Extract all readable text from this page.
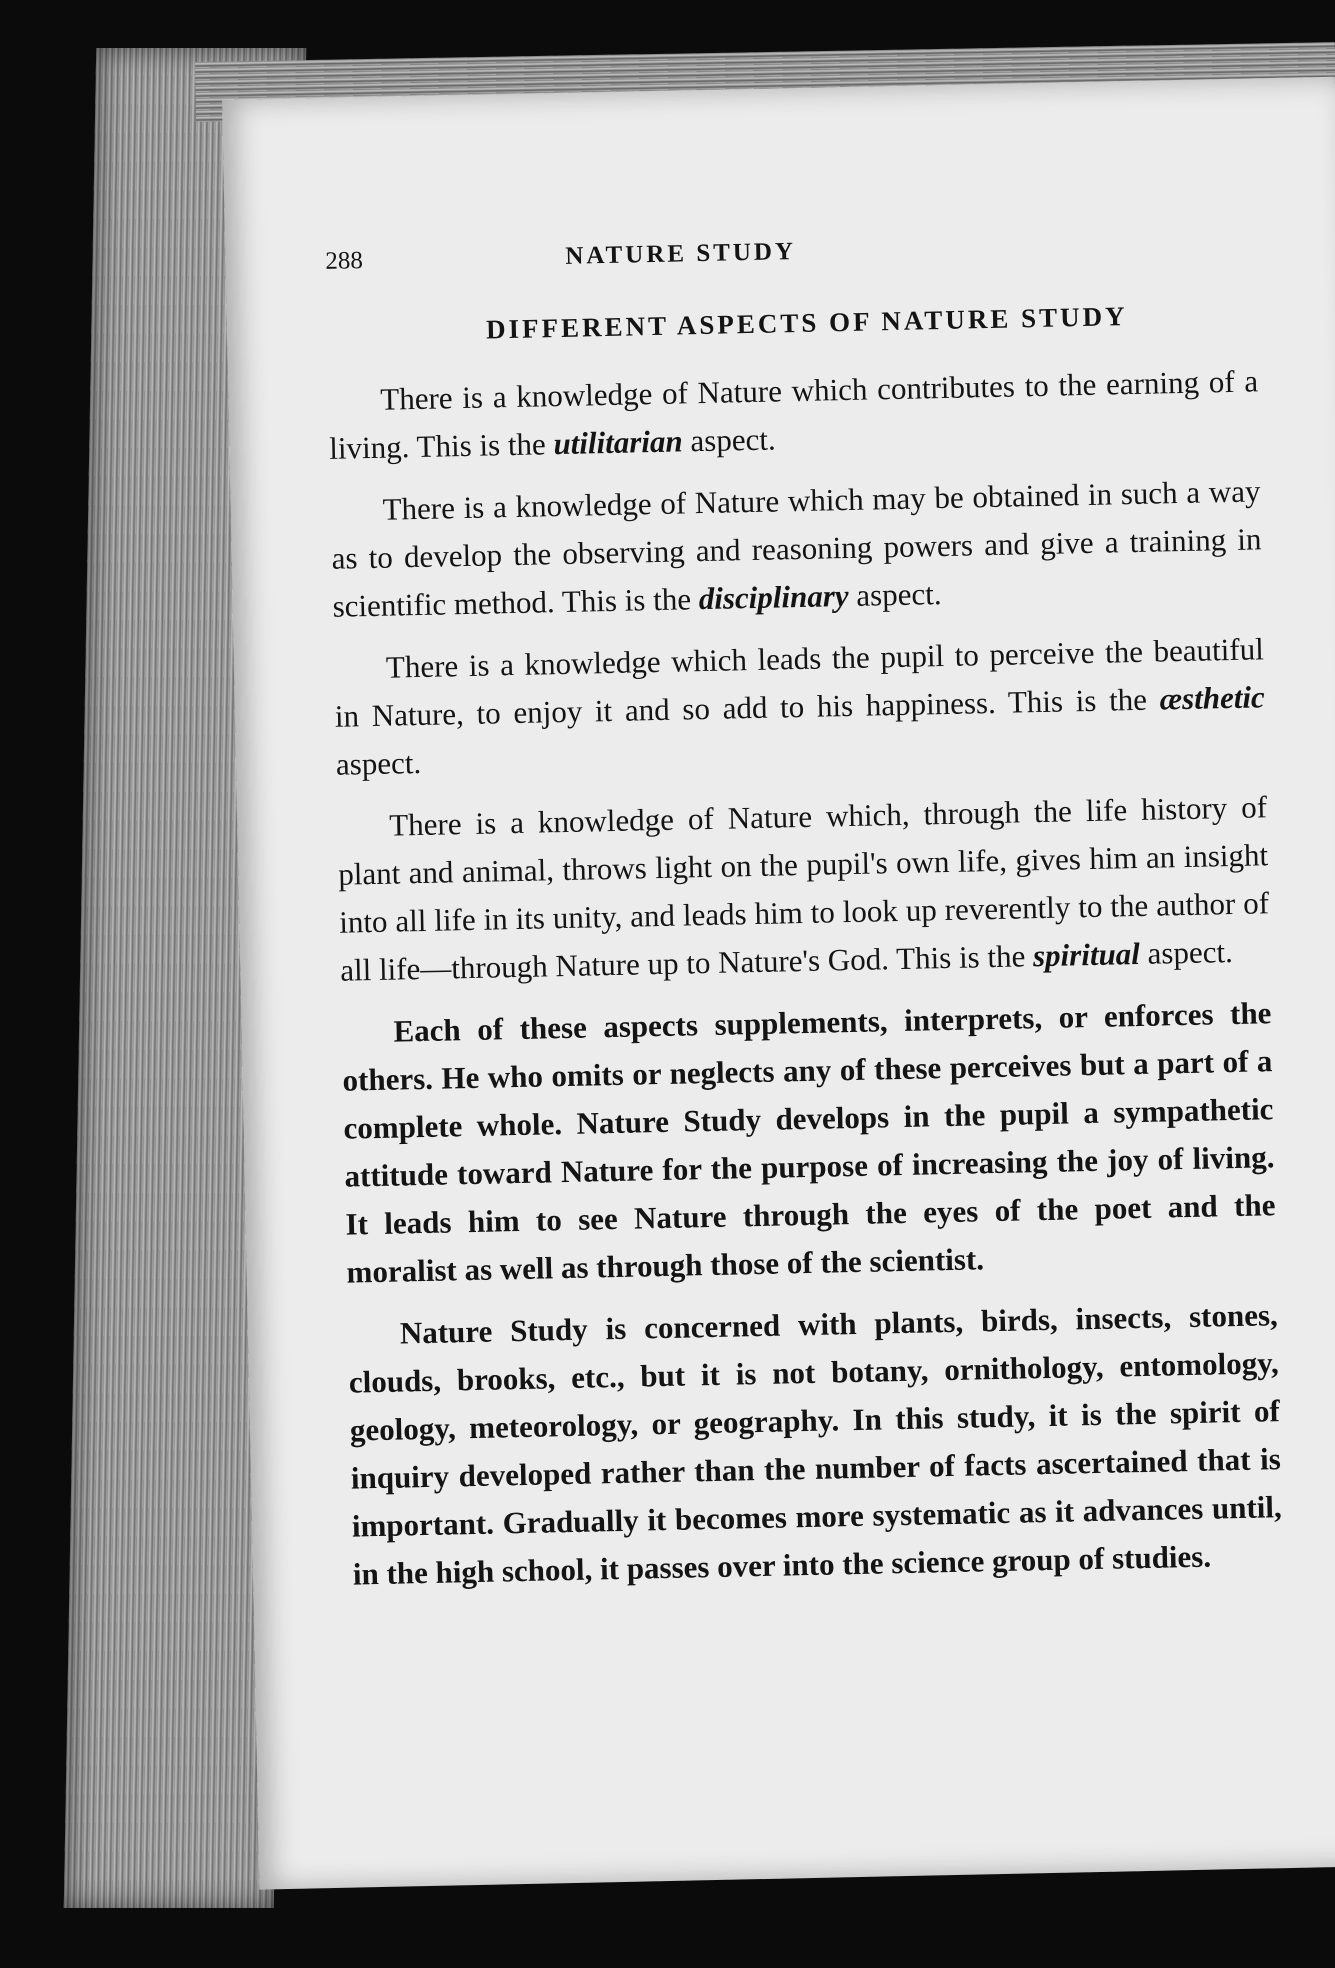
288	NATURE STUDY
DIFFERENT ASPECTS OF NATURE STUDY

There is a knowledge of Nature which contributes to the earning of a living. This is the utilitarian aspect.

There is a knowledge of Nature which may be obtained in such a way as to develop the observing and reasoning powers and give a training in scientific method. This is the disciplinary aspect.

There is a knowledge which leads the pupil to perceive the beautiful in Nature, to enjoy it and so add to his happiness. This is the æsthetic aspect.

There is a knowledge of Nature which, through the life history of plant and animal, throws light on the pupil's own life, gives him an insight into all life in its unity, and leads him to look up reverently to the author of all life—through Nature up to Nature's God. This is the spiritual aspect.

Each of these aspects supplements, interprets, or enforces the others. He who omits or neglects any of these perceives but a part of a complete whole. Nature Study develops in the pupil a sympathetic attitude toward Nature for the purpose of increasing the joy of living. It leads him to see Nature through the eyes of the poet and the moralist as well as through those of the scientist.

Nature Study is concerned with plants, birds, insects, stones, clouds, brooks, etc., but it is not botany, ornithology, entomology, geology, meteorology, or geography. In this study, it is the spirit of inquiry developed rather than the number of facts ascertained that is important. Gradually it becomes more systematic as it advances until, in the high school, it passes over into the science group of studies.
